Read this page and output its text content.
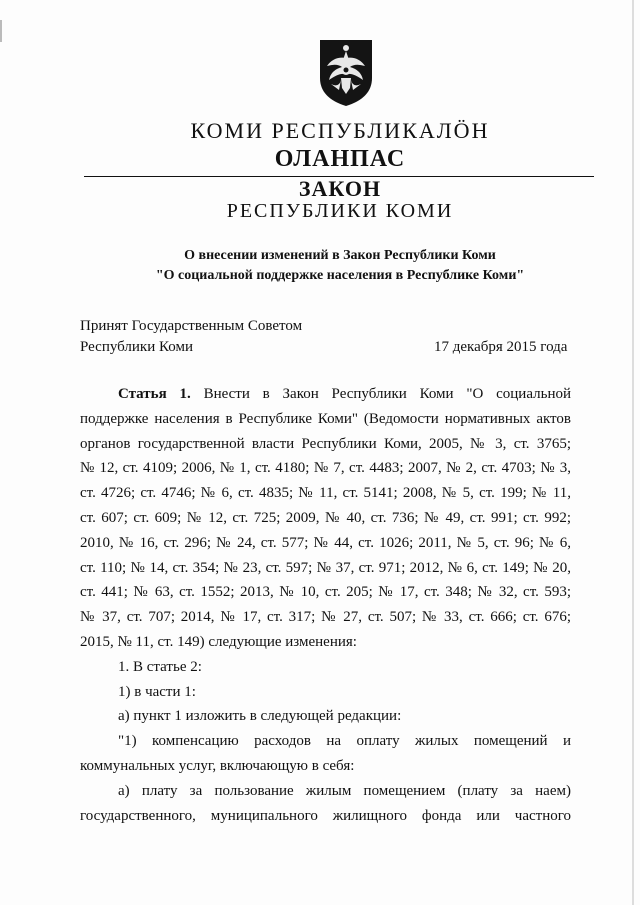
КОМИ РЕСПУБЛИКАЛÖН
ОЛАНПАС
ЗАКОН
РЕСПУБЛИКИ КОМИ
О внесении изменений в Закон Республики Коми
"О социальной поддержке населения в Республике Коми"
Принят Государственным Советом
Республики Коми	17 декабря 2015 года
Статья 1. Внести в Закон Республики Коми "О социальной
поддержке населения в Республике Коми" (Ведомости нормативных актов
органов государственной власти Республики Коми, 2005, № 3, ст. 3765;
№ 12, ст. 4109; 2006, № 1, ст. 4180; № 7, ст. 4483; 2007, № 2, ст. 4703; № 3,
ст. 4726; ст. 4746; № 6, ст. 4835; № 11, ст. 5141; 2008, № 5, ст. 199; № 11,
ст. 607; ст. 609; № 12, ст. 725; 2009, № 40, ст. 736; № 49, ст. 991; ст. 992;
2010, № 16, ст. 296; № 24, ст. 577; № 44, ст. 1026; 2011, № 5, ст. 96; № 6,
ст. 110; № 14, ст. 354; № 23, ст. 597; № 37, ст. 971; 2012, № 6, ст. 149; № 20,
ст. 441; № 63, ст. 1552; 2013, № 10, ст. 205; № 17, ст. 348; № 32, ст. 593;
№ 37, ст. 707; 2014, № 17, ст. 317; № 27, ст. 507; № 33, ст. 666; ст. 676;
2015, № 11, ст. 149) следующие изменения:
1. В статье 2:
1) в части 1:
а) пункт 1 изложить в следующей редакции:
"1) компенсацию расходов на оплату жилых помещений и
коммунальных услуг, включающую в себя:
а) плату за пользование жилым помещением (плату за наем)
государственного, муниципального жилищного фонда или частного
